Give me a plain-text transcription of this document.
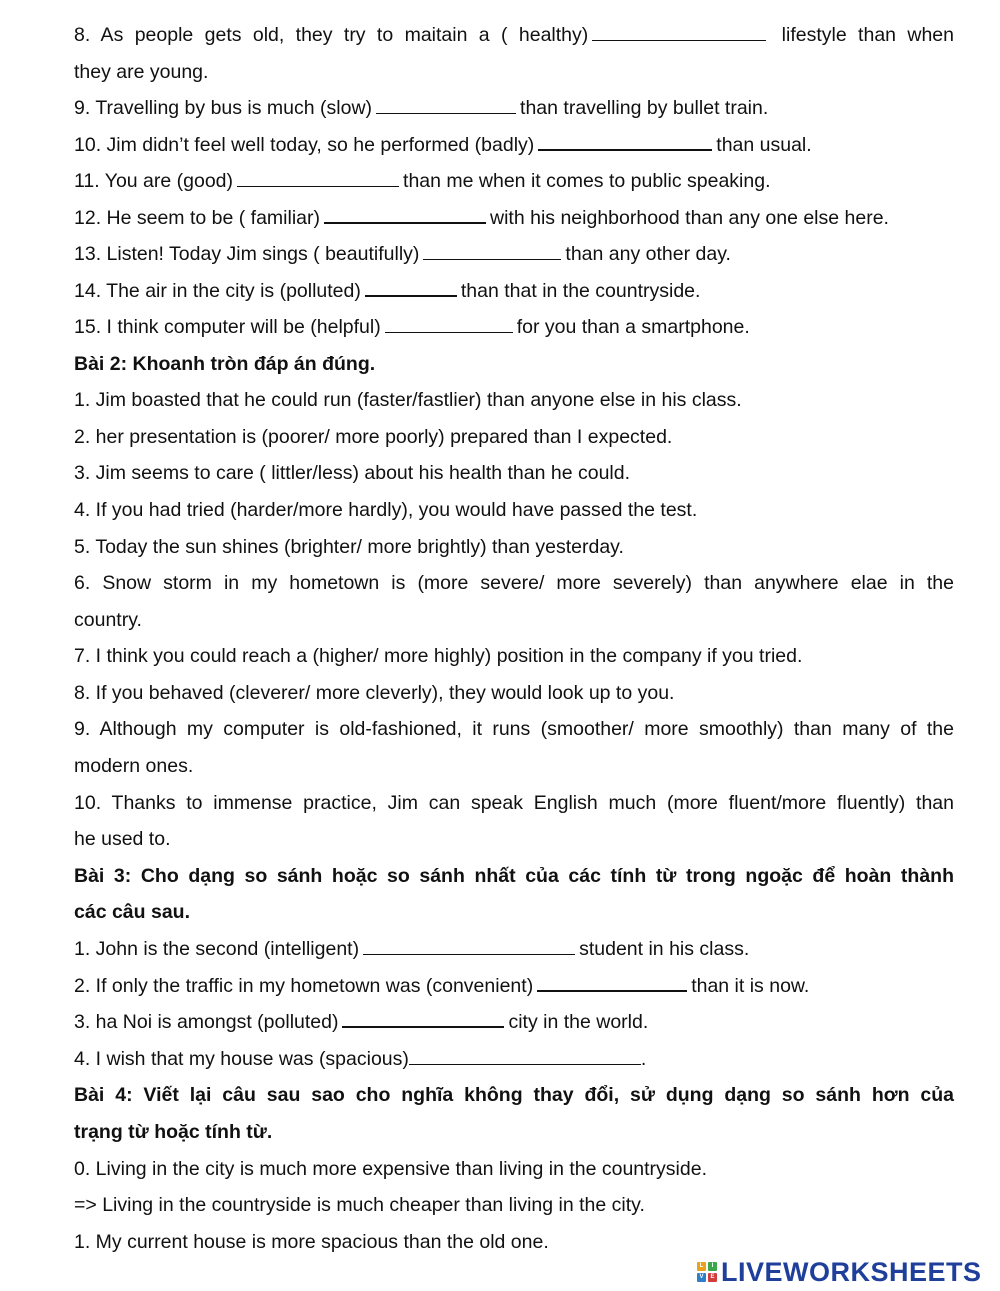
8. As people gets old, they try to maitain a ( healthy)	lifestyle than when
they are young.
9. Travelling by bus is much (slow)	than travelling by bullet train.
10. Jim didn’t feel well today, so he performed (badly)	than usual.
11. You are (good)	than me when it comes to public speaking.
12. He seem to be ( familiar)	with his neighborhood than any one else here.
13. Listen! Today Jim sings ( beautifully)	than any other day.
14. The air in the city is (polluted)	than that in the countryside.
15. I think computer will be (helpful)	for you than a smartphone.
Bài 2: Khoanh tròn đáp án đúng.
1. Jim boasted that he could run (faster/fastlier) than anyone else in his class.
2. her presentation is (poorer/ more poorly) prepared than I expected.
3. Jim seems to care ( littler/less) about his health than he could.
4. If you had tried (harder/more hardly), you would have passed the test.
5. Today the sun shines (brighter/ more brightly) than yesterday.
6. Snow storm in my hometown is (more severe/ more severely) than anywhere elae in the
country.
7. I think you could reach a (higher/ more highly) position in the company if you tried.
8. If you behaved (cleverer/ more cleverly), they would look up to you.
9. Although my computer is old-fashioned, it runs (smoother/ more smoothly) than many of the
modern ones.
10. Thanks to immense practice, Jim can speak English much (more fluent/more fluently) than
he used to.
Bài 3: Cho dạng so sánh hoặc so sánh nhất của các tính từ trong ngoặc để hoàn thành
các câu sau.
1. John is the second (intelligent)	student in his class.
2. If only the traffic in my hometown was (convenient)	than it is now.
3. ha Noi is amongst (polluted)	city in the world.
4. I wish that my house was (spacious)	.
Bài 4: Viết lại câu sau sao cho nghĩa không thay đổi, sử dụng dạng so sánh hơn của
trạng từ hoặc tính từ.
0. Living in the city is much more expensive than living in the countryside.
=> Living in the countryside is much cheaper than living in the city.
1. My current house is more spacious than the old one.
L	I
V	E LIVEWORKSHEETS
